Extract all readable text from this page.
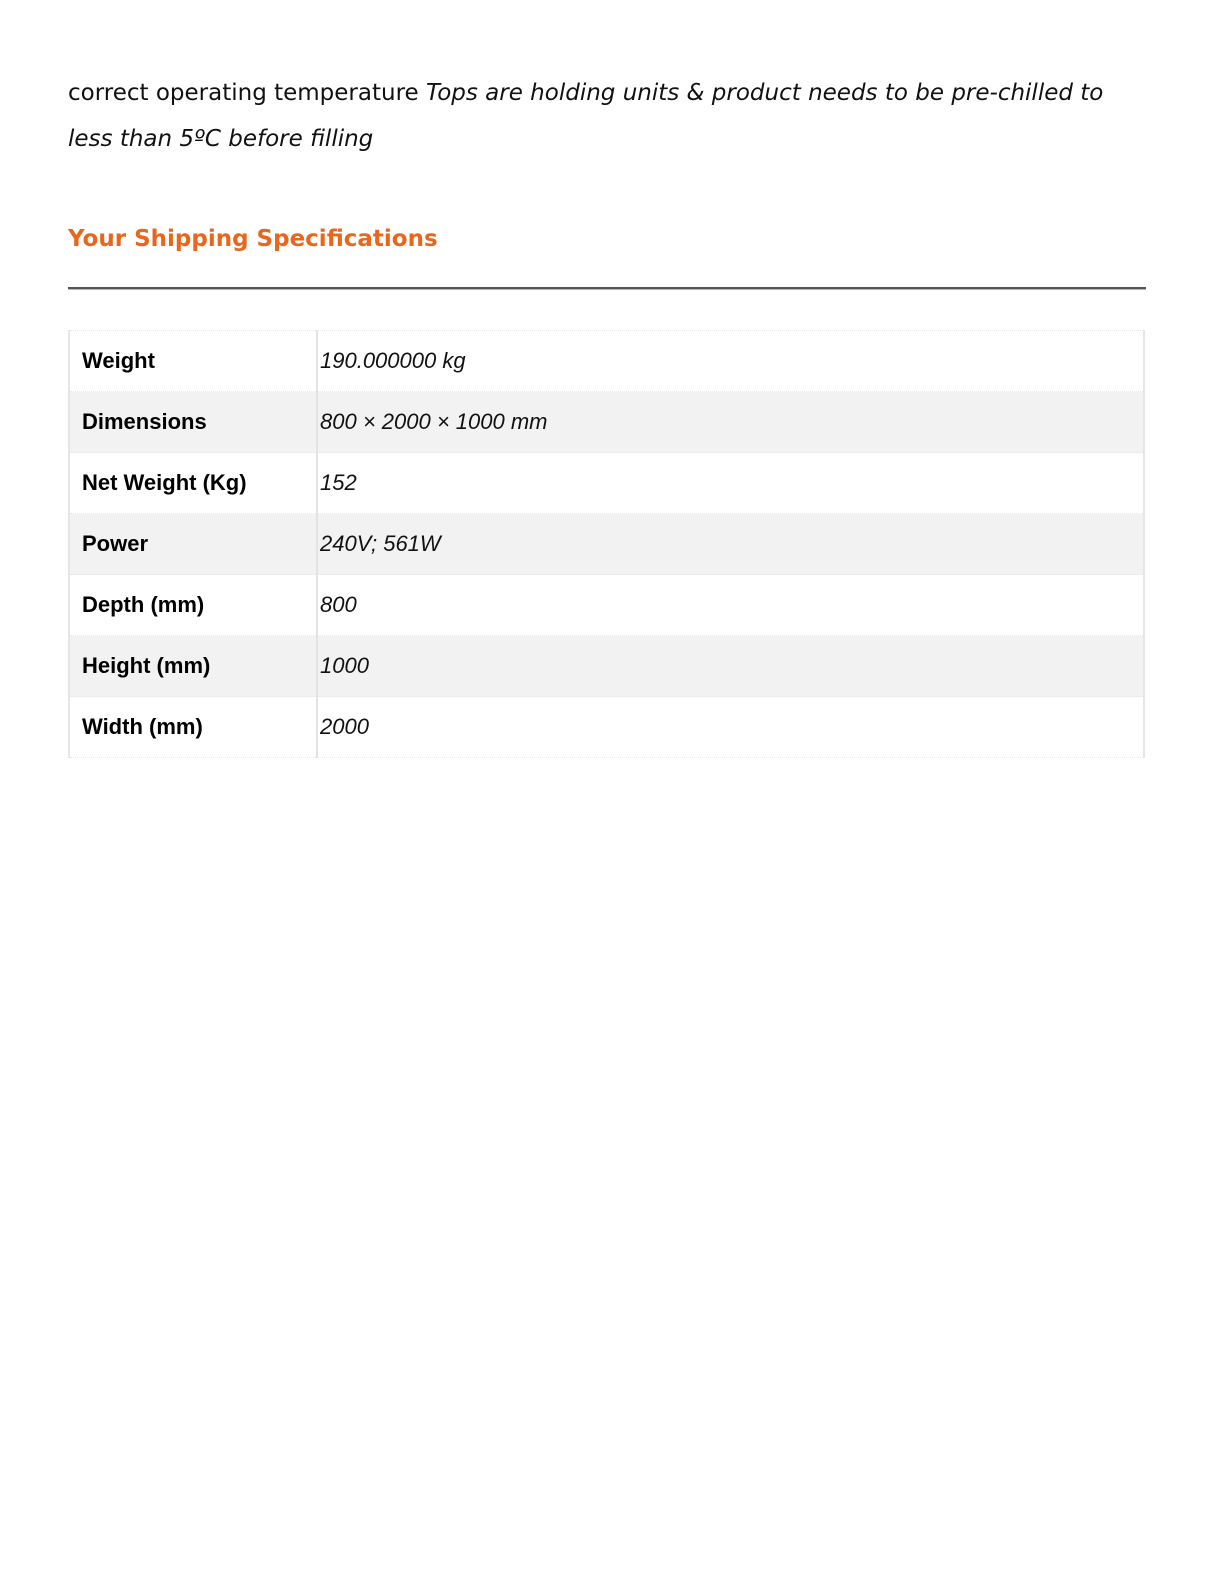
correct operating temperature Tops are holding units & product needs to be pre-chilled to less than 5ºC before filling

Your Shipping Specifications
Weight	190.000000 kg
Dimensions	800 × 2000 × 1000 mm
Net Weight (Kg)	152
Power	240V; 561W
Depth (mm)	800
Height (mm)	1000
Width (mm)	2000
